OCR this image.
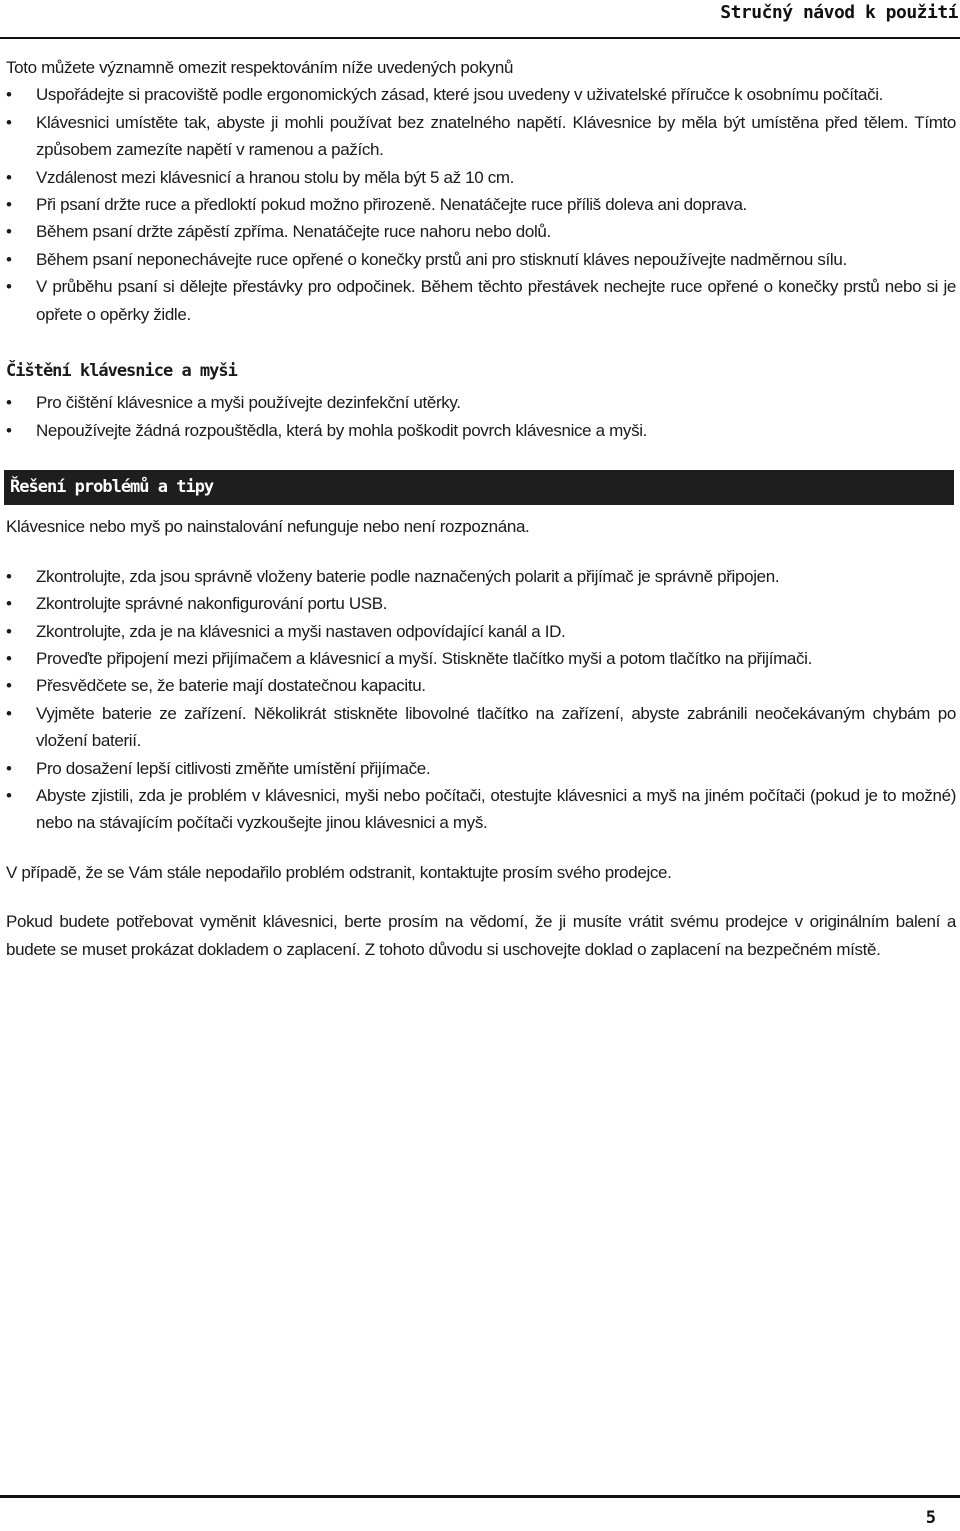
Stručný návod k použití

Toto můžete významně omezit respektováním níže uvedených pokynů

• Uspořádejte si pracoviště podle ergonomických zásad, které jsou uvedeny v uživatelské příručce k osobnímu počítači.
• Klávesnici umístěte tak, abyste ji mohli používat bez znatelného napětí. Klávesnice by měla být umístěna před tělem. Tímto způsobem zamezíte napětí v ramenou a pažích.
• Vzdálenost mezi klávesnicí a hranou stolu by měla být 5 až 10 cm.
• Při psaní držte ruce a předloktí pokud možno přirozeně. Nenatáčejte ruce příliš doleva ani doprava.
• Během psaní držte zápěstí zpříma. Nenatáčejte ruce nahoru nebo dolů.
• Během psaní neponechávejte ruce opřené o konečky prstů ani pro stisknutí kláves nepoužívejte nadměrnou sílu.
• V průběhu psaní si dělejte přestávky pro odpočinek. Během těchto přestávek nechejte ruce opřené o konečky prstů nebo si je opřete o opěrky židle.
Čištění klávesnice a myši
• Pro čištění klávesnice a myši používejte dezinfekční utěrky.
• Nepoužívejte žádná rozpouštědla, která by mohla poškodit povrch klávesnice a myši.
Řešení problémů a tipy

Klávesnice nebo myš po nainstalování nefunguje nebo není rozpoznána.

• Zkontrolujte, zda jsou správně vloženy baterie podle naznačených polarit a přijímač je správně připojen.
• Zkontrolujte správné nakonfigurování portu USB.
• Zkontrolujte, zda je na klávesnici a myši nastaven odpovídající kanál a ID.
• Proveďte připojení mezi přijímačem a klávesnicí a myší. Stiskněte tlačítko myši a potom tlačítko na přijímači.
• Přesvědčete se, že baterie mají dostatečnou kapacitu.
• Vyjměte baterie ze zařízení. Několikrát stiskněte libovolné tlačítko na zařízení, abyste zabránili neočekávaným chybám po vložení baterií.
• Pro dosažení lepší citlivosti změňte umístění přijímače.
• Abyste zjistili, zda je problém v klávesnici, myši nebo počítači, otestujte klávesnici a myš na jiném počítači (pokud je to možné) nebo na stávajícím počítači vyzkoušejte jinou klávesnici a myš.

V případě, že se Vám stále nepodařilo problém odstranit, kontaktujte prosím svého prodejce.

Pokud budete potřebovat vyměnit klávesnici, berte prosím na vědomí, že ji musíte vrátit svému prodejce v originálním balení a budete se muset prokázat dokladem o zaplacení. Z tohoto důvodu si uschovejte doklad o zaplacení na bezpečném místě.

5
